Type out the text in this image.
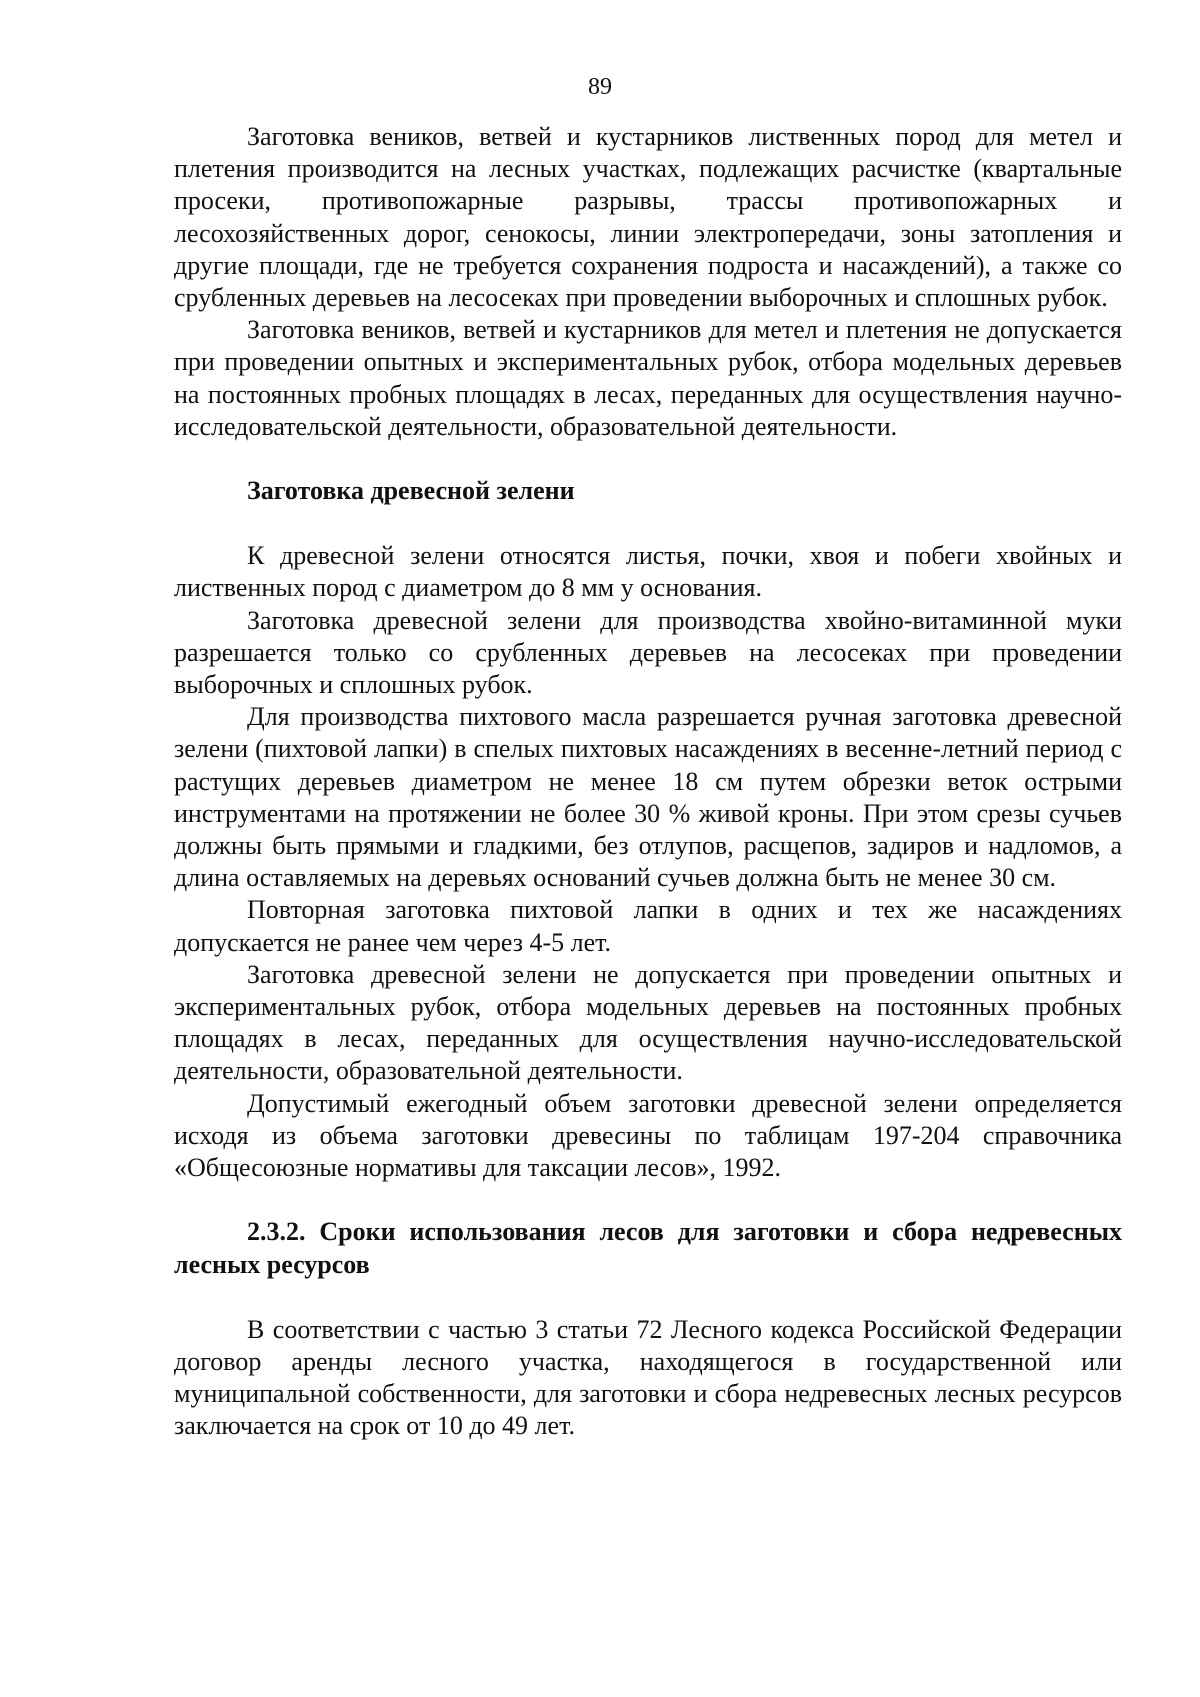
89

Заготовка веников, ветвей и кустарников лиственных пород для метел и плетения производится на лесных участках, подлежащих расчистке (квартальные просеки, противопожарные разрывы, трассы противопожарных и лесохозяйственных дорог, сенокосы, линии электропередачи, зоны затопления и другие площади, где не требуется сохранения подроста и насаждений), а также со срубленных деревьев на лесосеках при проведении выборочных и сплошных рубок.

Заготовка веников, ветвей и кустарников для метел и плетения не допускается при проведении опытных и экспериментальных рубок, отбора модельных деревьев на постоянных пробных площадях в лесах, переданных для осуществления научно-исследовательской деятельности, образовательной деятельности.

Заготовка древесной зелени

К древесной зелени относятся листья, почки, хвоя и побеги хвойных и лиственных пород с диаметром до 8 мм у основания.

Заготовка древесной зелени для производства хвойно-витаминной муки разрешается только со срубленных деревьев на лесосеках при проведении выборочных и сплошных рубок.

Для производства пихтового масла разрешается ручная заготовка древесной зелени (пихтовой лапки) в спелых пихтовых насаждениях в весенне-летний период с растущих деревьев диаметром не менее 18 см путем обрезки веток острыми инструментами на протяжении не более 30 % живой кроны. При этом срезы сучьев должны быть прямыми и гладкими, без отлупов, расщепов, задиров и надломов, а длина оставляемых на деревьях оснований сучьев должна быть не менее 30 см.

Повторная заготовка пихтовой лапки в одних и тех же насаждениях допускается не ранее чем через 4-5 лет.

Заготовка древесной зелени не допускается при проведении опытных и экспериментальных рубок, отбора модельных деревьев на постоянных пробных площадях в лесах, переданных для осуществления научно-исследовательской деятельности, образовательной деятельности.

Допустимый ежегодный объем заготовки древесной зелени определяется исходя из объема заготовки древесины по таблицам 197-204 справочника «Общесоюзные нормативы для таксации лесов», 1992.

2.3.2. Сроки использования лесов для заготовки и сбора недревесных лесных ресурсов

В соответствии с частью 3 статьи 72 Лесного кодекса Российской Федерации договор аренды лесного участка, находящегося в государственной или муниципальной собственности, для заготовки и сбора недревесных лесных ресурсов заключается на срок от 10 до 49 лет.
